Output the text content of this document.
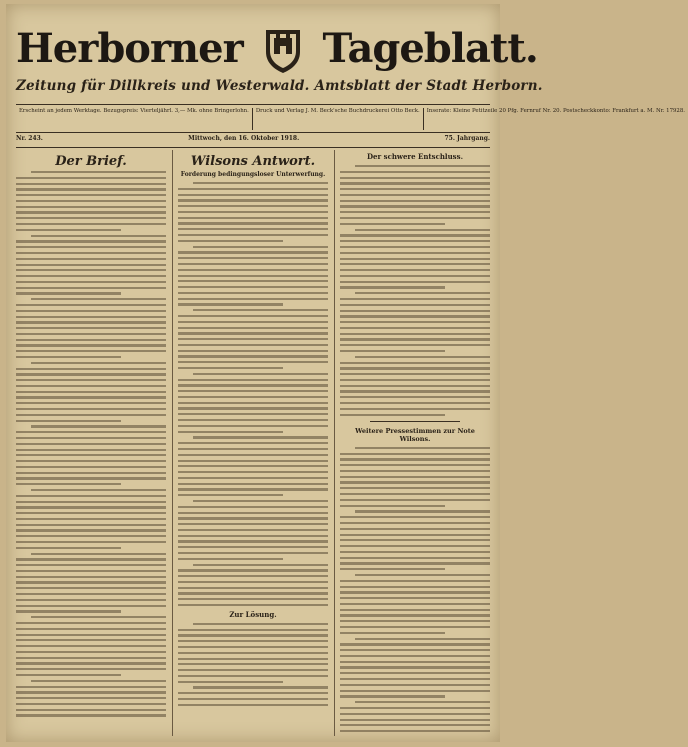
Herborner Tageblatt.
Zeitung für Dillkreis und Westerwald. Amtsblatt der Stadt Herborn.
Erscheint an jedem Werktage. Bezugspreis: Vierteljährl. 3,— Mk. ohne Bringerlohn.	Druck und Verlag J. M. Beck'sche Buchdruckerei Otto Beck.	Inserate: Kleine Petitzeile 20 Pfg. Fernruf Nr. 20. Postscheckkonto: Frankfurt a. M. Nr. 17928.
Nr. 243.	Mittwoch, den 16. Oktober 1918.	75. Jahrgang.
Der Brief.	Wilsons Antwort.
Forderung bedingungsloser Unterwerfung.
Zur Lösung.
Der schwere Entschluss.
Weitere Pressestimmen zur Note Wilsons.
